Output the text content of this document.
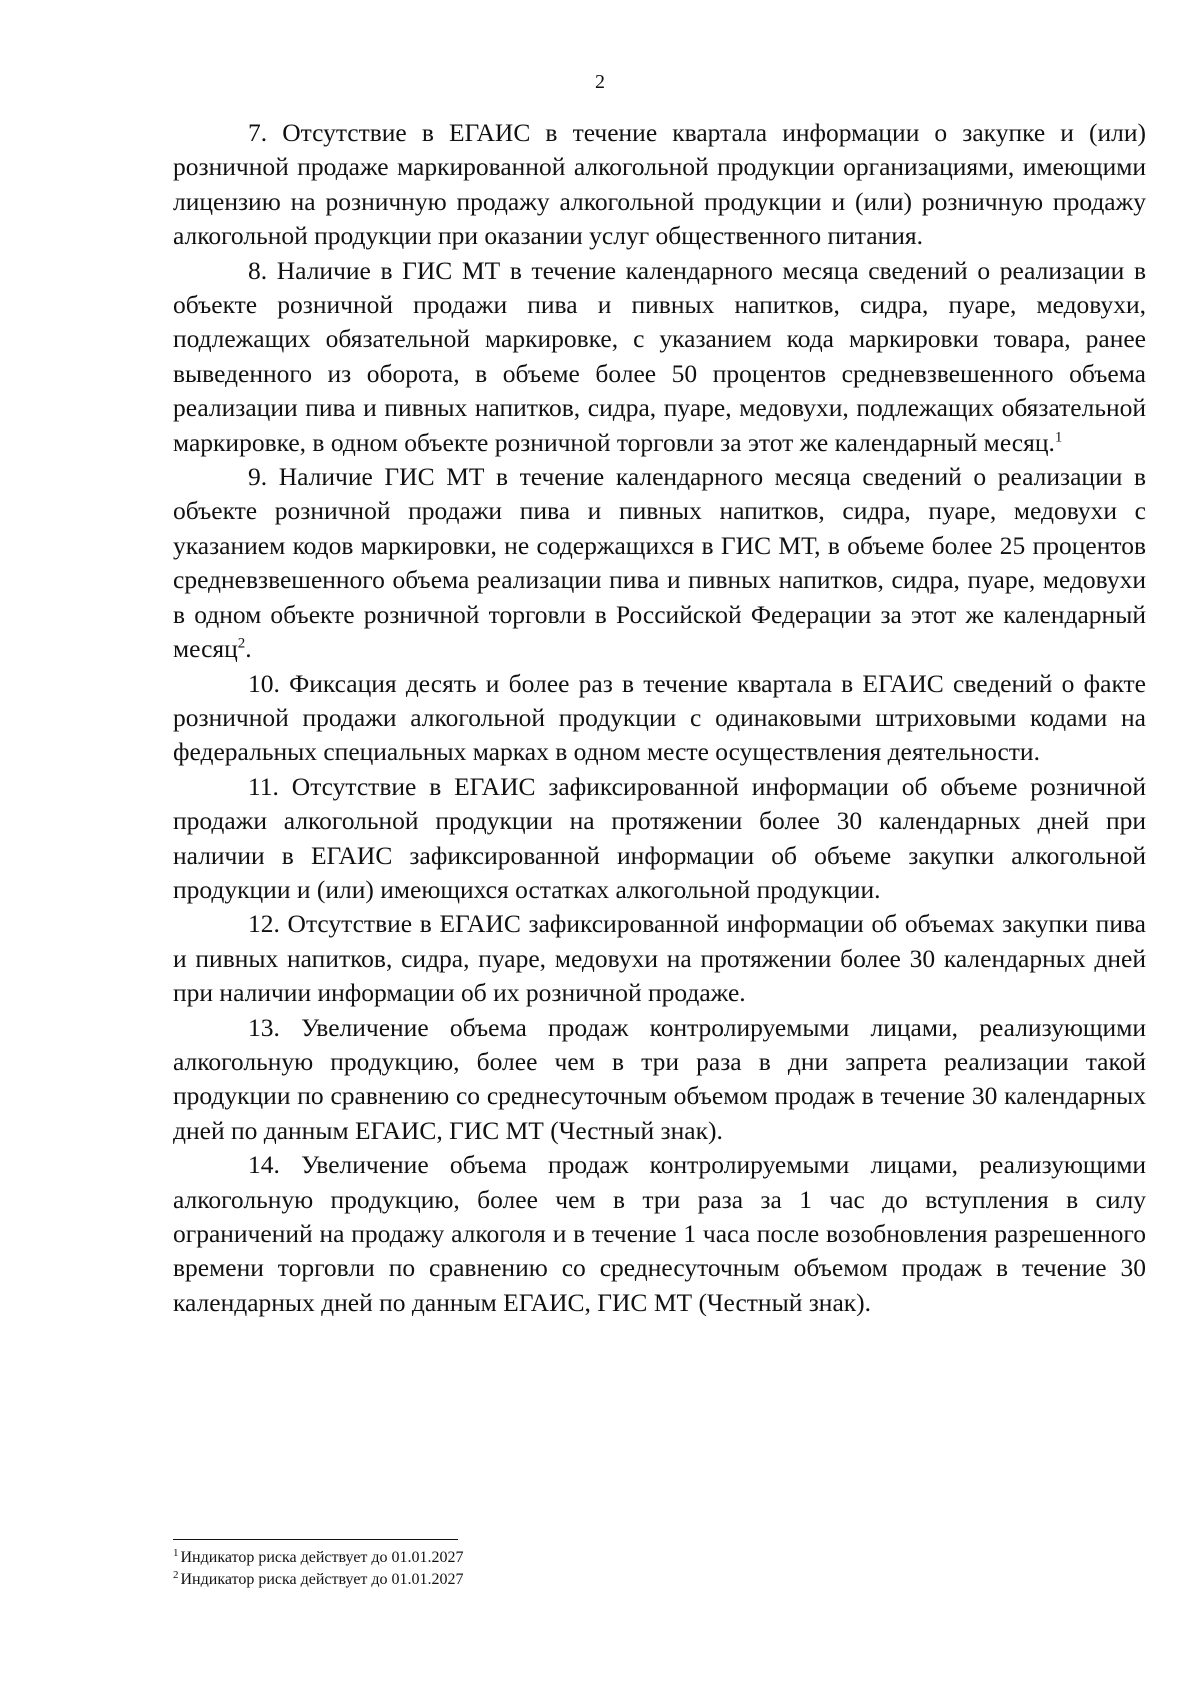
2

7. Отсутствие в ЕГАИС в течение квартала информации о закупке и (или) розничной продаже маркированной алкогольной продукции организациями, имеющими лицензию на розничную продажу алкогольной продукции и (или) розничную продажу алкогольной продукции при оказании услуг общественного питания.

8. Наличие в ГИС МТ в течение календарного месяца сведений о реализации в объекте розничной продажи пива и пивных напитков, сидра, пуаре, медовухи, подлежащих обязательной маркировке, с указанием кода маркировки товара, ранее выведенного из оборота, в объеме более 50 процентов средневзвешенного объема реализации пива и пивных напитков, сидра, пуаре, медовухи, подлежащих обязательной маркировке, в одном объекте розничной торговли за этот же календарный месяц.$^1$

9. Наличие ГИС МТ в течение календарного месяца сведений о реализации в объекте розничной продажи пива и пивных напитков, сидра, пуаре, медовухи с указанием кодов маркировки, не содержащихся в ГИС МТ, в объеме более 25 процентов средневзвешенного объема реализации пива и пивных напитков, сидра, пуаре, медовухи в одном объекте розничной торговли в Российской Федерации за этот же календарный месяц$^2$.

10. Фиксация десять и более раз в течение квартала в ЕГАИС сведений о факте розничной продажи алкогольной продукции с одинаковыми штриховыми кодами на федеральных специальных марках в одном месте осуществления деятельности.

11. Отсутствие в ЕГАИС зафиксированной информации об объеме розничной продажи алкогольной продукции на протяжении более 30 календарных дней при наличии в ЕГАИС зафиксированной информации об объеме закупки алкогольной продукции и (или) имеющихся остатках алкогольной продукции.

12. Отсутствие в ЕГАИС зафиксированной информации об объемах закупки пива и пивных напитков, сидра, пуаре, медовухи на протяжении более 30 календарных дней при наличии информации об их розничной продаже.

13. Увеличение объема продаж контролируемыми лицами, реализующими алкогольную продукцию, более чем в три раза в дни запрета реализации такой продукции по сравнению со среднесуточным объемом продаж в течение 30 календарных дней по данным ЕГАИС, ГИС МТ (Честный знак).

14. Увеличение объема продаж контролируемыми лицами, реализующими алкогольную продукцию, более чем в три раза за 1 час до вступления в силу ограничений на продажу алкоголя и в течение 1 часа после возобновления разрешенного времени торговли по сравнению со среднесуточным объемом продаж в течение 30 календарных дней по данным ЕГАИС, ГИС МТ (Честный знак).

$^1$ Индикатор риска действует до 01.01.2027

$^2$ Индикатор риска действует до 01.01.2027
